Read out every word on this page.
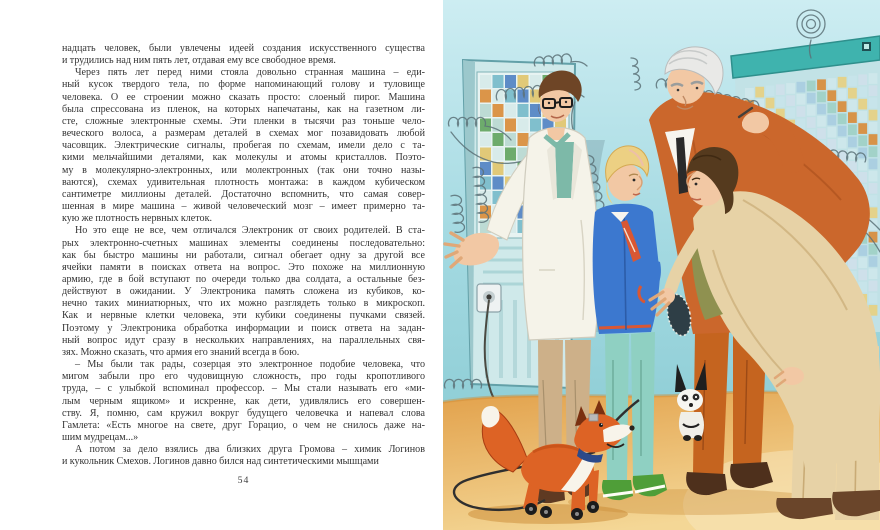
надцать человек, были увлечены идеей создания искусственного существа
и трудились над ним пять лет, отдавая ему все свободное время.
Через пять лет перед ними стояла довольно странная машина – еди-
ный кусок твердого тела, по форме напоминающий голову и туловище
человека. О ее строении можно сказать просто: слоеный пирог. Машина
была спрессована из пленок, на которых напечатаны, как на газетном ли-
сте, сложные электронные схемы. Эти пленки в тысячи раз тоньше чело-
веческого волоса, а размерам деталей в схемах мог позавидовать любой
часовщик. Электрические сигналы, пробегая по схемам, имели дело с та-
кими мельчайшими деталями, как молекулы и атомы кристаллов. Поэто-
му в молекулярно-электронных, или молектронных (так они точно назы-
ваются), схемах удивительная плотность монтажа: в каждом кубическом
сантиметре миллионы деталей. Достаточно вспомнить, что самая совер-
шенная в мире машина – живой человеческий мозг – имеет примерно та-
кую же плотность нервных клеток.
Но это еще не все, чем отличался Электроник от своих родителей. В ста-
рых электронно-счетных машинах элементы соединены последовательно:
как бы быстро машины ни работали, сигнал обегает одну за другой все
ячейки памяти в поисках ответа на вопрос. Это похоже на миллионную
армию, где в бой вступают по очереди только два солдата, а остальные без-
действуют в ожидании. У Электроника память сложена из кубиков, ко-
нечно таких миниатюрных, что их можно разглядеть только в микроскоп.
Как и нервные клетки человека, эти кубики соединены пучками связей.
Поэтому у Электроника обработка информации и поиск ответа на задан-
ный вопрос идут сразу в нескольких направлениях, на параллельных свя-
зях. Можно сказать, что армия его знаний всегда в бою.
– Мы были так рады, созерцая это электронное подобие человека, что
мигом забыли про его чудовищную сложность, про годы кропотливого
труда, – с улыбкой вспоминал профессор. – Мы стали называть его «ми-
лым черным ящиком» и искренне, как дети, удивлялись его совершен-
ству. Я, помню, сам кружил вокруг будущего человечка и напевал слова
Гамлета: «Есть многое на свете, друг Горацио, о чем не снилось даже на-
шим мудрецам...»
А потом за дело взялись два близких друга Громова – химик Логинов
и кукольник Смехов. Логинов давно бился над синтетическими мышцами
54
